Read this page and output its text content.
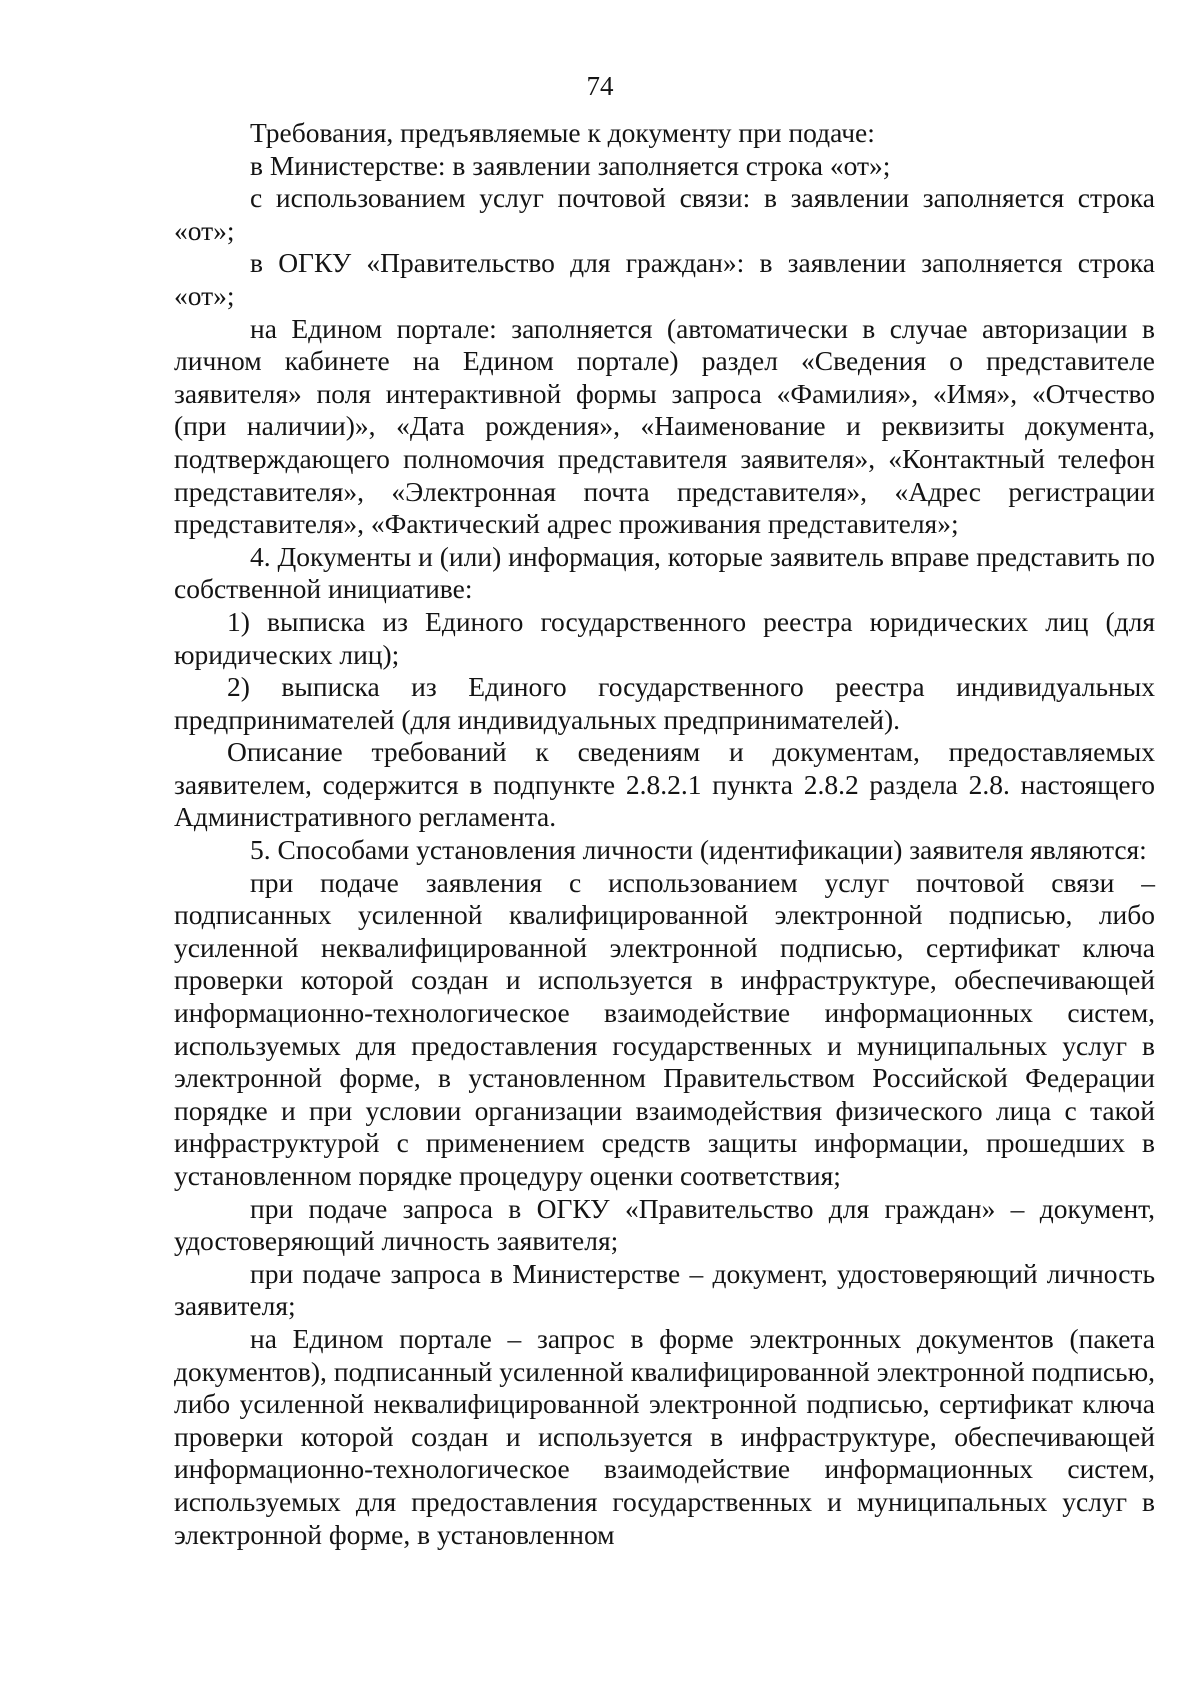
74

Требования, предъявляемые к документу при подаче:

в Министерстве: в заявлении заполняется строка «от»;

с использованием услуг почтовой связи: в заявлении заполняется строка «от»;

в ОГКУ «Правительство для граждан»: в заявлении заполняется строка «от»;

на Едином портале: заполняется (автоматически в случае авторизации в личном кабинете на Едином портале) раздел «Сведения о представителе заявителя» поля интерактивной формы запроса «Фамилия», «Имя», «Отчество (при наличии)», «Дата рождения», «Наименование и реквизиты документа, подтверждающего полномочия представителя заявителя», «Контактный телефон представителя», «Электронная почта представителя», «Адрес регистрации представителя», «Фактический адрес проживания представителя»;

4. Документы и (или) информация, которые заявитель вправе представить по собственной инициативе:

1) выписка из Единого государственного реестра юридических лиц (для юридических лиц);

2) выписка из Единого государственного реестра индивидуальных предпринимателей (для индивидуальных предпринимателей).

Описание требований к сведениям и документам, предоставляемых заявителем, содержится в подпункте 2.8.2.1 пункта 2.8.2 раздела 2.8. настоящего Административного регламента.

5. Способами установления личности (идентификации) заявителя являются:

при подаче заявления с использованием услуг почтовой связи – подписанных усиленной квалифицированной электронной подписью, либо усиленной неквалифицированной электронной подписью, сертификат ключа проверки которой создан и используется в инфраструктуре, обеспечивающей информационно-технологическое взаимодействие информационных систем, используемых для предоставления государственных и муниципальных услуг в электронной форме, в установленном Правительством Российской Федерации порядке и при условии организации взаимодействия физического лица с такой инфраструктурой с применением средств защиты информации, прошедших в установленном порядке процедуру оценки соответствия;

при подаче запроса в ОГКУ «Правительство для граждан» – документ, удостоверяющий личность заявителя;

при подаче запроса в Министерстве – документ, удостоверяющий личность заявителя;

на Едином портале – запрос в форме электронных документов (пакета документов), подписанный усиленной квалифицированной электронной подписью, либо усиленной неквалифицированной электронной подписью, сертификат ключа проверки которой создан и используется в инфраструктуре, обеспечивающей информационно-технологическое взаимодействие информационных систем, используемых для предоставления государственных и муниципальных услуг в электронной форме, в установленном
